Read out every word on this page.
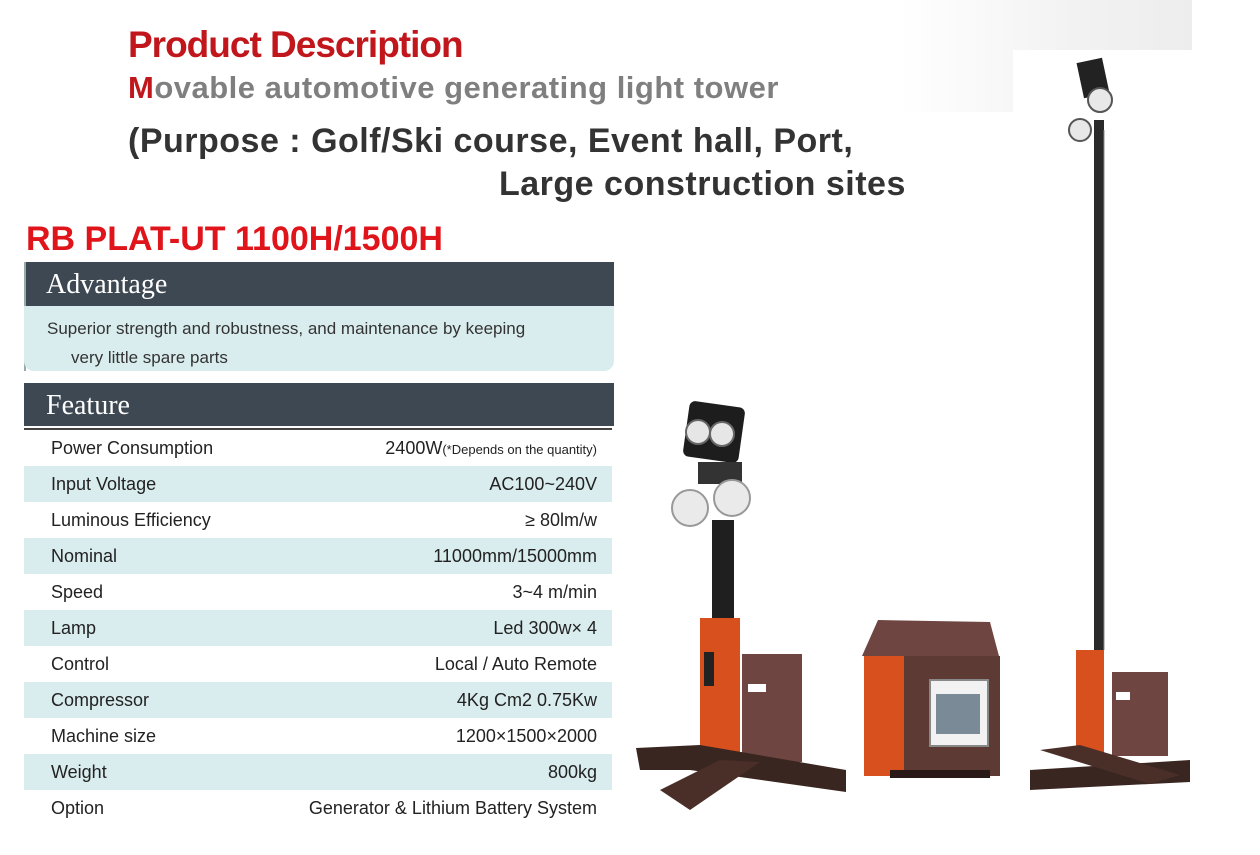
Product Description
Movable automotive generating light tower
(Purpose : Golf/Ski course, Event hall, Port,
Large construction sites
RB PLAT-UT 1100H/1500H
Advantage
Superior strength and robustness, and maintenance by keeping
very little spare parts
Feature
Power Consumption	2400W(*Depends on the quantity)
Input Voltage	AC100~240V
Luminous Efficiency	≥ 80lm/w
Nominal	11000mm/15000mm
Speed	3~4 m/min
Lamp	Led 300w× 4
Control	Local / Auto Remote
Compressor	4Kg Cm2 0.75Kw
Machine size	1200×1500×2000
Weight	800kg
Option	Generator & Lithium Battery System
